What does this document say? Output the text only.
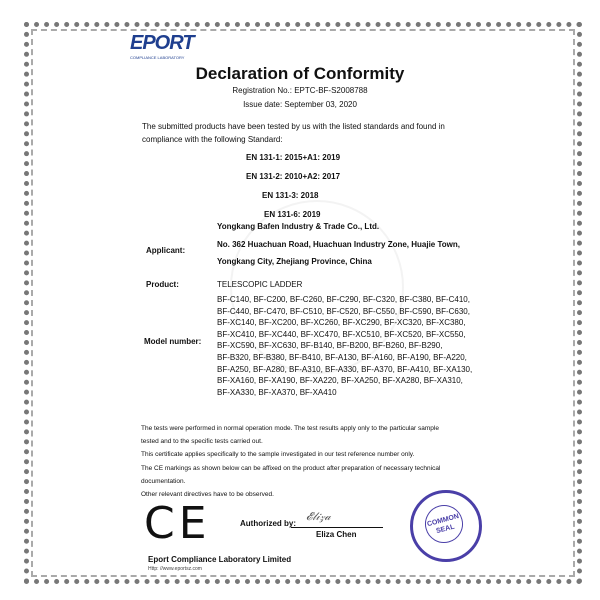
EPORT
COMPLIANCE LABORATORY
Declaration of Conformity
Registration No.: EPTC-BF-S2008788
Issue date: September 03, 2020
The submitted products have been tested by us with the listed standards and found in
compliance with the following Standard:
EN 131-1: 2015+A1: 2019
EN 131-2: 2010+A2: 2017
EN 131-3: 2018
EN 131-6: 2019
Applicant:
Yongkang Bafen Industry & Trade Co., Ltd.
No. 362 Huachuan Road, Huachuan Industry Zone, Huajie Town,
Yongkang City, Zhejiang Province, China
Product:	TELESCOPIC LADDER
Model number:
BF-C140, BF-C200, BF-C260, BF-C290, BF-C320, BF-C380, BF-C410,
BF-C440, BF-C470, BF-C510, BF-C520, BF-C550, BF-C590, BF-C630,
BF-XC140, BF-XC200, BF-XC260, BF-XC290, BF-XC320, BF-XC380,
BF-XC410, BF-XC440, BF-XC470, BF-XC510, BF-XC520, BF-XC550,
BF-XC590, BF-XC630, BF-B140, BF-B200, BF-B260, BF-B290,
BF-B320, BF-B380, BF-B410, BF-A130, BF-A160, BF-A190, BF-A220,
BF-A250, BF-A280, BF-A310, BF-A330, BF-A370, BF-A410, BF-XA130,
BF-XA160, BF-XA190, BF-XA220, BF-XA250, BF-XA280, BF-XA310,
BF-XA330, BF-XA370, BF-XA410
The tests were performed in normal operation mode. The test results apply only to the particular sample
tested and to the specific tests carried out.
This certificate applies specifically to the sample investigated in our test reference number only.
The CE markings as shown below can be affixed on the product after preparation of necessary technical
documentation.
Other relevant directives have to be observed.
CE	𝓔𝓁𝒾𝓏𝒶
Authorized by:
Eliza Chen
COMMON SEAL
Eport Compliance Laboratory Limited
Http: //www.eportsz.com
